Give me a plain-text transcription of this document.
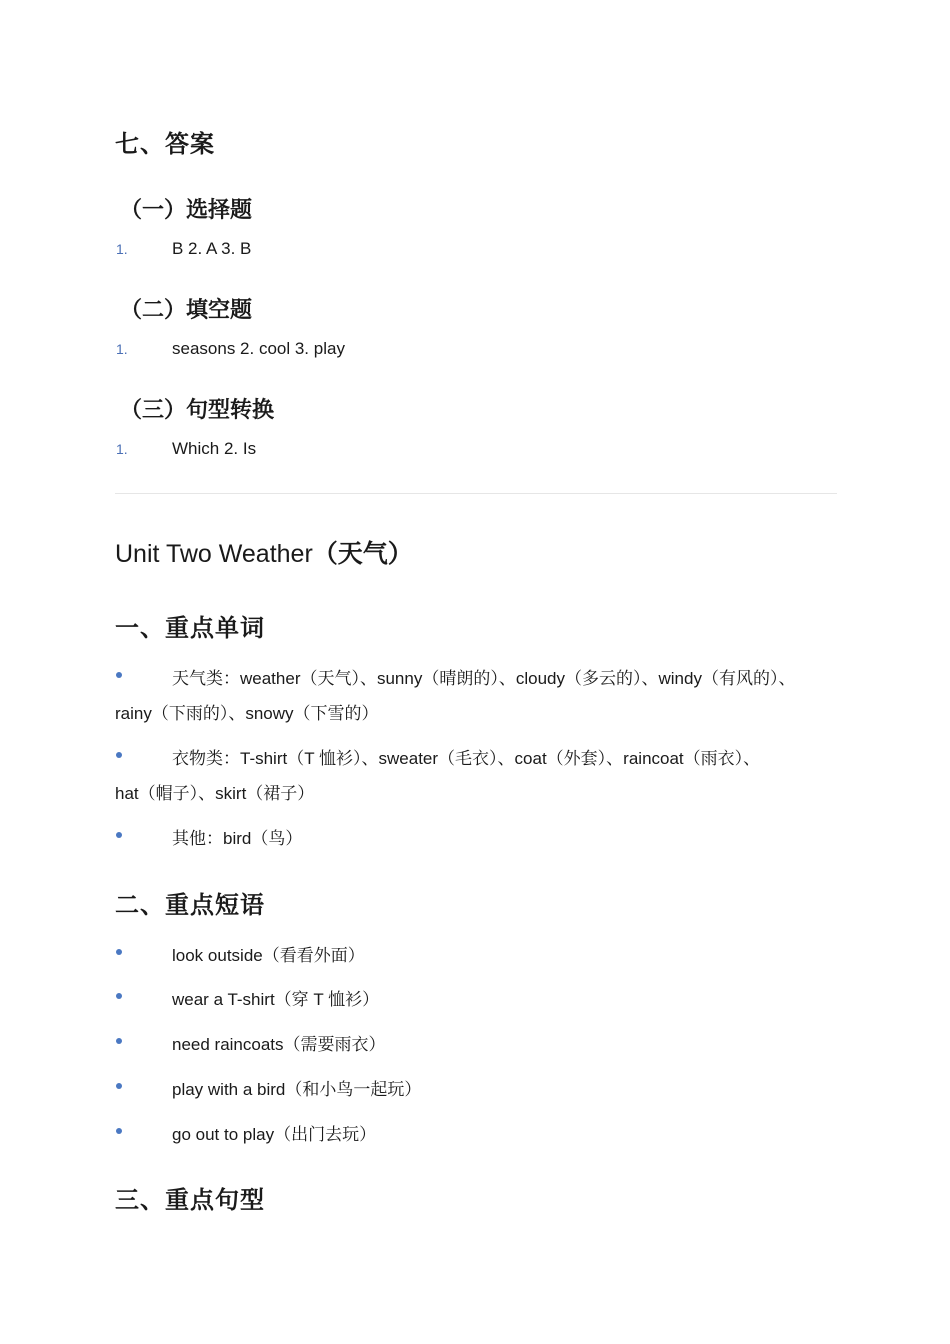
七、答案
（一）选择题
1.	B 2. A 3. B
（二）填空题
1.	seasons 2. cool 3. play
（三）句型转换
1.	Which 2. Is
Unit Two Weather（天气）
一、重点单词
天气类：weather（天气）、sunny（晴朗的）、cloudy（多云的）、windy（有风的）、
rainy（下雨的）、snowy（下雪的）
衣物类：T-shirt（T 恤衫）、sweater（毛衣）、coat（外套）、raincoat（雨衣）、
hat（帽子）、skirt（裙子）
其他：bird（鸟）
二、重点短语
look outside（看看外面）
wear a T-shirt（穿 T 恤衫）
need raincoats（需要雨衣）
play with a bird（和小鸟一起玩）
go out to play（出门去玩）
三、重点句型
